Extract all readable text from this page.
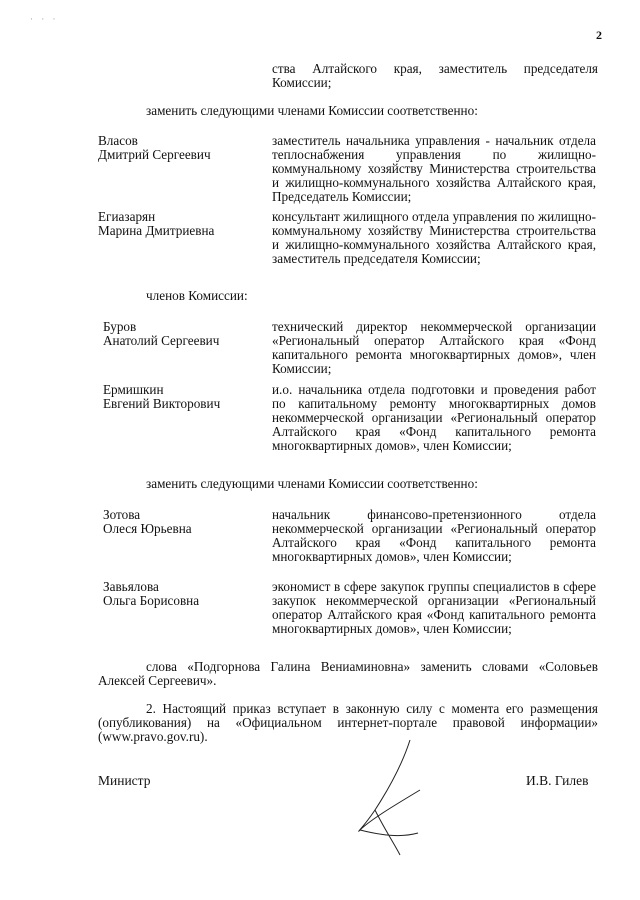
· · ·
2
ства Алтайского края, заместитель председателя Комиссии;
заменить следующими членами Комиссии соответственно:
Власов
Дмитрий Сергеевич
заместитель начальника управления - начальник отдела теплоснабжения управления по жилищно-коммунальному хозяйству Министерства строительства и жилищно-коммунального хозяйства Алтайского края, Председатель Комиссии;
Егиазарян
Марина Дмитриевна
консультант жилищного отдела управления по жилищно-коммунальному хозяйству Министерства строительства и жилищно-коммунального хозяйства Алтайского края, заместитель председателя Комиссии;
членов Комиссии:
Буров
Анатолий Сергеевич
технический директор некоммерческой организации «Региональный оператор Алтайского края «Фонд капитального ремонта многоквартирных домов», член Комиссии;
Ермишкин
Евгений Викторович
и.о. начальника отдела подготовки и проведения работ по капитальному ремонту многоквартирных домов некоммерческой организации «Региональный оператор Алтайского края «Фонд капитального ремонта многоквартирных домов», член Комиссии;
заменить следующими членами Комиссии соответственно:
Зотова
Олеся Юрьевна
начальник финансово-претензионного отдела некоммерческой организации «Региональный оператор Алтайского края «Фонд капитального ремонта многоквартирных домов», член Комиссии;
Завьялова
Ольга Борисовна
экономист в сфере закупок группы специалистов в сфере закупок некоммерческой организации «Региональный оператор Алтайского края «Фонд капитального ремонта многоквартирных домов», член Комиссии;
слова «Подгорнова Галина Вениаминовна» заменить словами «Соловьев Алексей Сергеевич».
2. Настоящий приказ вступает в законную силу с момента его размещения (опубликования) на «Официальном интернет-портале правовой информации» (www.pravo.gov.ru).
Министр	И.В. Гилев
